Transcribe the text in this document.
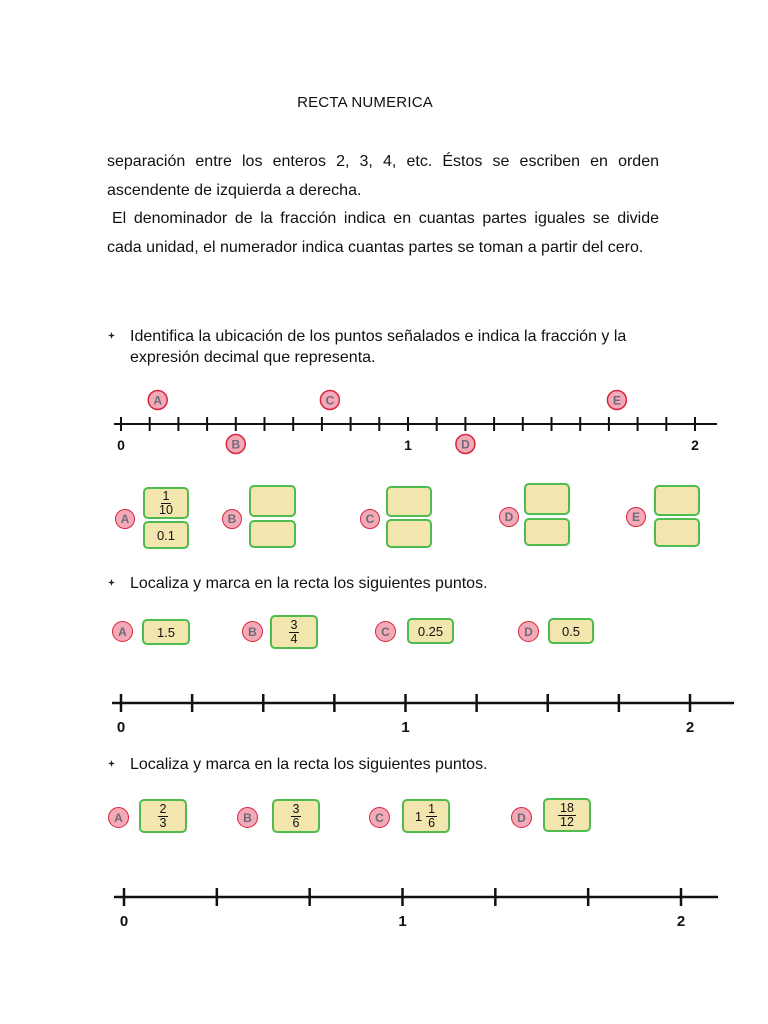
RECTA NUMERICA
separación entre los enteros 2, 3, 4, etc. Éstos se escriben en orden ascendente de izquierda a derecha.
El denominador de la fracción indica en cuantas partes iguales se divide cada unidad, el numerador indica cuantas partes se toman a partir del cero.
Identifica la ubicación de los puntos señalados e indica la fracción y la expresión decimal que representa.
0	1	2
A
B
C
D
E
Localiza y marca en la recta los siguientes puntos.
0	1	2
Localiza y marca en la recta los siguientes puntos.
0	1	2
A
$\frac{1}{10}$
0.1
B	C	D	E
A	1.5	B	$\frac{3}{4}$	C	0.25	D	0.5
A	$\frac{2}{3}$	B	$\frac{3}{6}$	C	$1 \frac{1}{6}$	D	$\frac{18}{12}$
